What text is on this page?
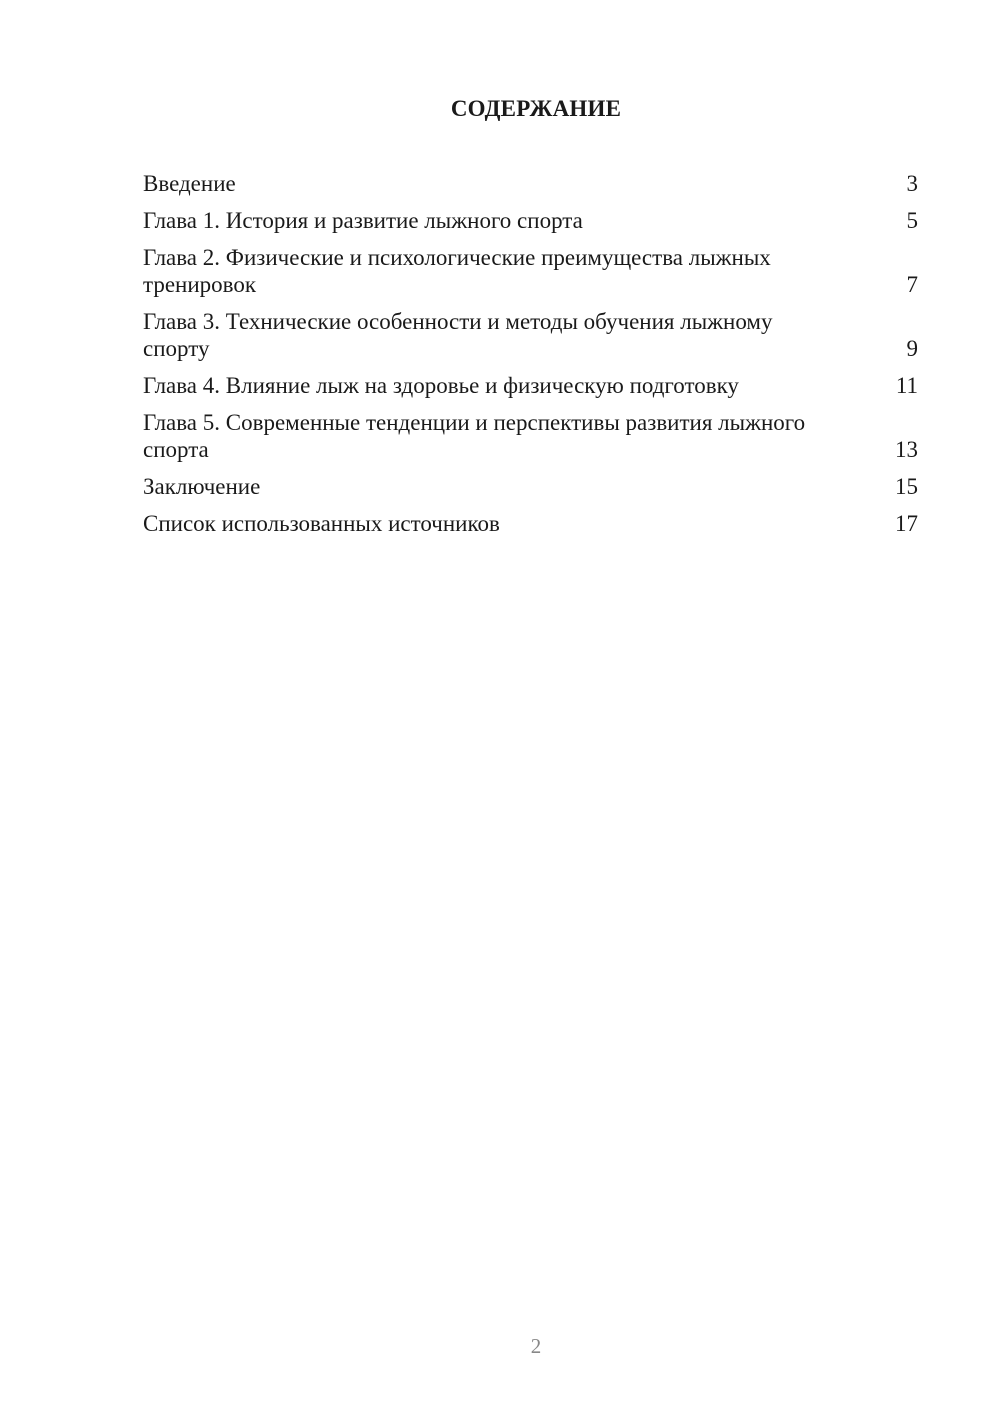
СОДЕРЖАНИЕ
Введение	3
Глава 1. История и развитие лыжного спорта	5
Глава 2. Физические и психологические преимущества лыжных тренировок	7
Глава 3. Технические особенности и методы обучения лыжному спорту	9
Глава 4. Влияние лыж на здоровье и физическую подготовку	11
Глава 5. Современные тенденции и перспективы развития лыжного спорта	13
Заключение	15
Список использованных источников	17
2
